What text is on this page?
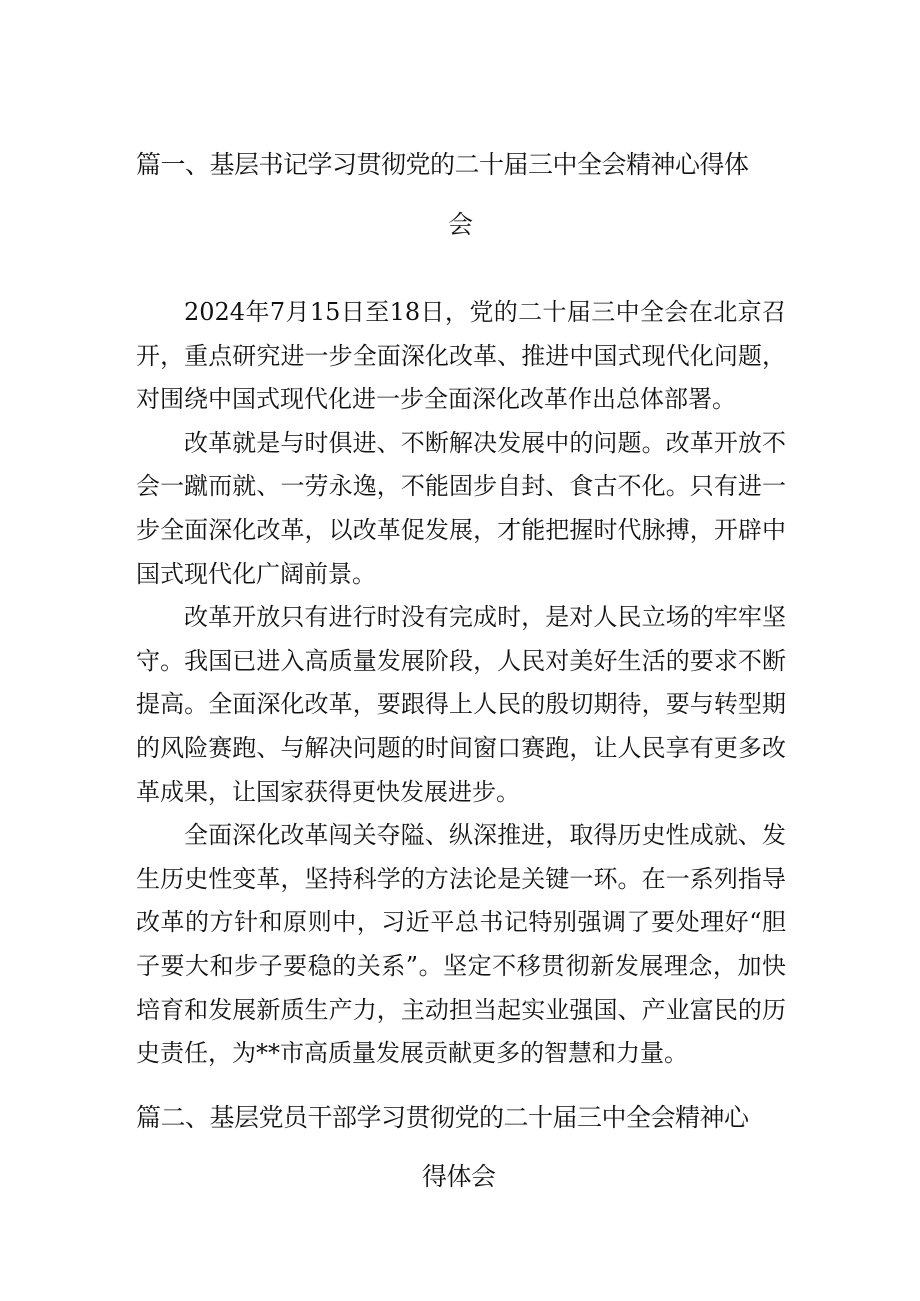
篇一、基层书记学习贯彻党的二十届三中全会精神心得体
会

2024年7月15日至18日，党的二十届三中全会在北京召开，重点研究进一步全面深化改革、推进中国式现代化问题，对围绕中国式现代化进一步全面深化改革作出总体部署。

改革就是与时俱进、不断解决发展中的问题。改革开放不会一蹴而就、一劳永逸，不能固步自封、食古不化。只有进一步全面深化改革，以改革促发展，才能把握时代脉搏，开辟中国式现代化广阔前景。

改革开放只有进行时没有完成时，是对人民立场的牢牢坚守。我国已进入高质量发展阶段，人民对美好生活的要求不断提高。全面深化改革，要跟得上人民的殷切期待，要与转型期的风险赛跑、与解决问题的时间窗口赛跑，让人民享有更多改革成果，让国家获得更快发展进步。

全面深化改革闯关夺隘、纵深推进，取得历史性成就、发生历史性变革，坚持科学的方法论是关键一环。在一系列指导改革的方针和原则中，习近平总书记特别强调了要处理好“胆子要大和步子要稳的关系”。坚定不移贯彻新发展理念，加快培育和发展新质生产力，主动担当起实业强国、产业富民的历史责任，为**市高质量发展贡献更多的智慧和力量。

篇二、基层党员干部学习贯彻党的二十届三中全会精神心
得体会
